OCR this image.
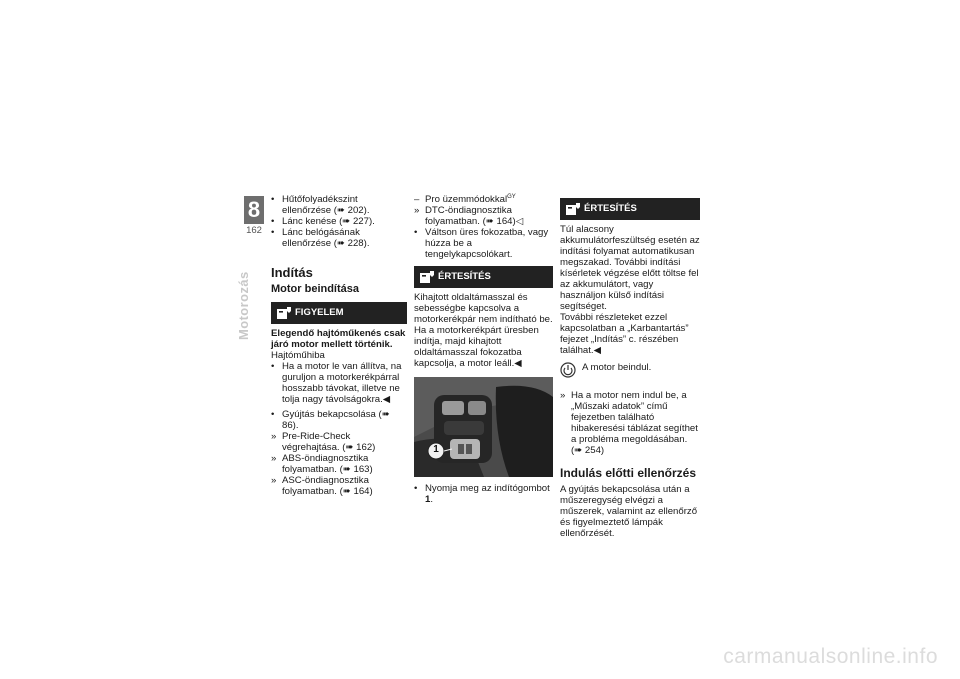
8
162
Motorozás
• Hűtőfolyadékszint ellenőrzése (➠ 202).
• Lánc kenése (➠ 227).
• Lánc belógásának ellenőrzése (➠ 228).
Indítás
Motor beindítása
FIGYELEM

Elegendő hajtóműkenés csak járó motor mellett történik.

Hajtóműhiba

• Ha a motor le van állítva, na guruljon a motorkerékpárral hosszabb távokat, illetve ne tolja nagy távolságokra.◀
• Gyújtás bekapcsolása (➠ 86).
» Pre-Ride-Check végrehajtása. (➠ 162)
» ABS-öndiagnosztika folyamatban. (➠ 163)
» ASC-öndiagnosztika folyamatban. (➠ 164)
– Pro üzemmódokkal$^{GY}$
» DTC-öndiagnosztika folyamatban. (➠ 164)◁
• Váltson üres fokozatba, vagy húzza be a tengelykapcsolókart.
ÉRTESÍTÉS

Kihajtott oldaltámasszal és sebességbe kapcsolva a motorkerékpár nem indítható be. Ha a motorkerékpárt üresben indítja, majd kihajtott oldaltámasszal fokozatba kapcsolja, a motor leáll.◀

1
• Nyomja meg az indítógombot 1.
ÉRTESÍTÉS

Túl alacsony akkumulátorfeszültség esetén az indítási folyamat automatikusan megszakad. További indítási kísérletek végzése előtt töltse fel az akkumulátort, vagy használjon külső indítási segítséget.

További részleteket ezzel kapcsolatban a „Karbantartás” fejezet „Indítás” c. részében találhat.◀

A motor beindul.
» Ha a motor nem indul be, a „Műszaki adatok” című fejezetben található hibakeresési táblázat segíthet a probléma megoldásában. (➠ 254)
Indulás előtti ellenőrzés

A gyújtás bekapcsolása után a műszeregység elvégzi a műszerek, valamint az ellenőrző és figyelmeztető lámpák ellenőrzését.

carmanualsonline.info
